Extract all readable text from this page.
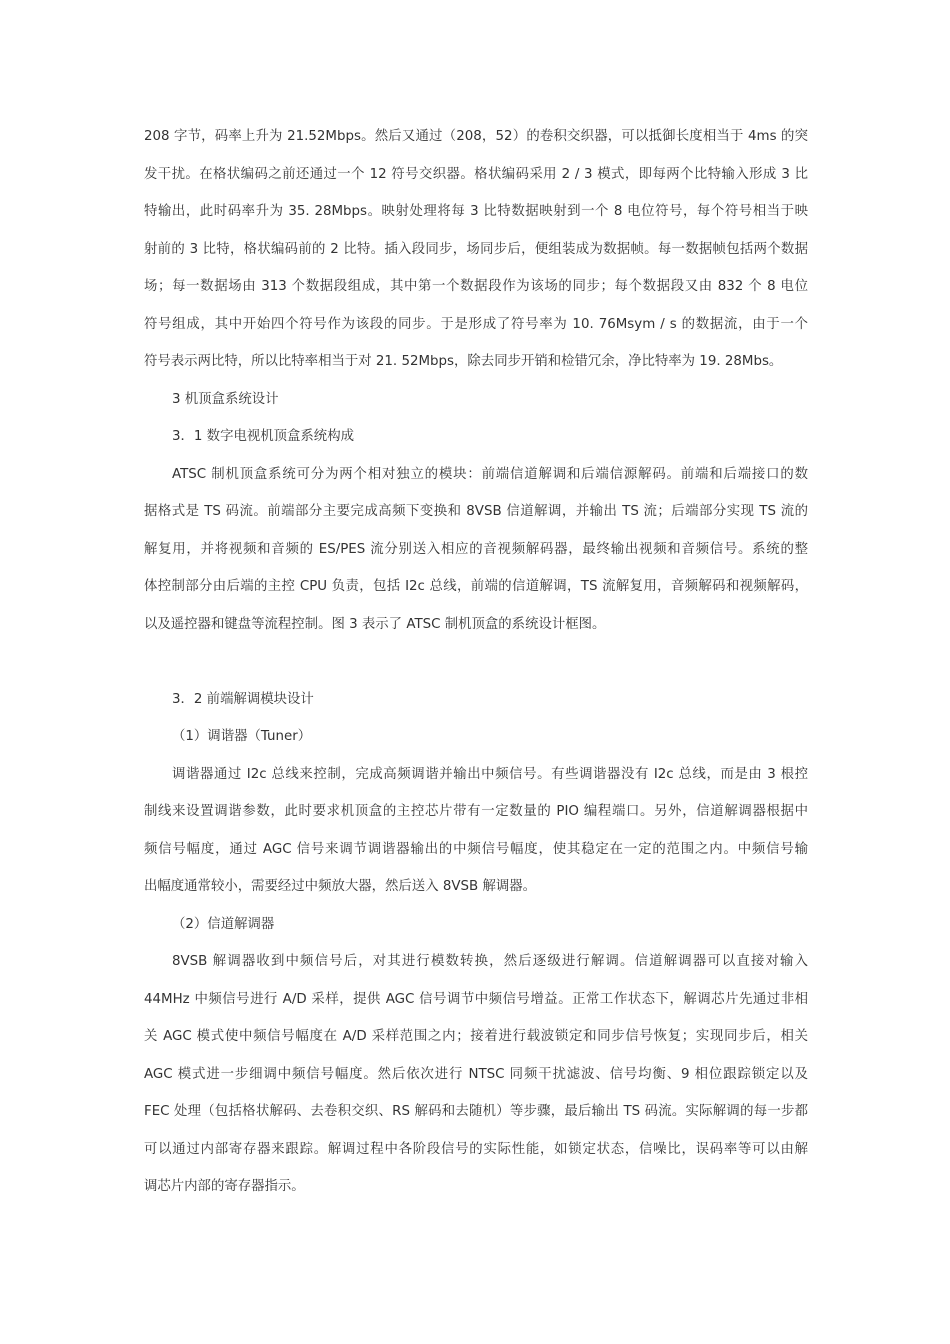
208 字节，码率上升为 21.52Mbps。然后又通过（208，52）的卷积交织器，可以抵御长度相当于 4ms 的突
发干扰。在格状编码之前还通过一个 12 符号交织器。格状编码采用 2 / 3 模式，即每两个比特输入形成 3 比
特输出，此时码率升为 35. 28Mbps。映射处理将每 3 比特数据映射到一个 8 电位符号，每个符号相当于映
射前的 3 比特，格状编码前的 2 比特。插入段同步，场同步后，便组装成为数据帧。每一数据帧包括两个数据
场；每一数据场由 313 个数据段组成，其中第一个数据段作为该场的同步；每个数据段又由 832 个 8 电位
符号组成，其中开始四个符号作为该段的同步。于是形成了符号率为 10. 76Msym / s 的数据流，由于一个
符号表示两比特，所以比特率相当于对 21. 52Mbps，除去同步开销和检错冗余，净比特率为 19. 28Mbs。
3 机顶盒系统设计
3．1 数字电视机顶盒系统构成
ATSC 制机顶盒系统可分为两个相对独立的模块：前端信道解调和后端信源解码。前端和后端接口的数
据格式是 TS 码流。前端部分主要完成高频下变换和 8VSB 信道解调，并输出 TS 流；后端部分实现 TS 流的
解复用，并将视频和音频的 ES/PES 流分别送入相应的音视频解码器，最终输出视频和音频信号。系统的整
体控制部分由后端的主控 CPU 负责，包括 I2c 总线，前端的信道解调，TS 流解复用，音频解码和视频解码，
以及遥控器和键盘等流程控制。图 3 表示了 ATSC 制机顶盒的系统设计框图。
3．2 前端解调模块设计
（1）调谐器（Tuner）
调谐器通过 I2c 总线来控制，完成高频调谐并输出中频信号。有些调谐器没有 I2c 总线，而是由 3 根控
制线来设置调谐参数，此时要求机顶盒的主控芯片带有一定数量的 PIO 编程端口。另外，信道解调器根据中
频信号幅度，通过 AGC 信号来调节调谐器输出的中频信号幅度，使其稳定在一定的范围之内。中频信号输
出幅度通常较小，需要经过中频放大器，然后送入 8VSB 解调器。
（2）信道解调器
8VSB 解调器收到中频信号后，对其进行模数转换，然后逐级进行解调。信道解调器可以直接对输入
44MHz 中频信号进行 A/D 采样，提供 AGC 信号调节中频信号增益。正常工作状态下，解调芯片先通过非相
关 AGC 模式使中频信号幅度在 A/D 采样范围之内；接着进行载波锁定和同步信号恢复；实现同步后，相关
AGC 模式进一步细调中频信号幅度。然后依次进行 NTSC 同频干扰滤波、信号均衡、9 相位跟踪锁定以及
FEC 处理（包括格状解码、去卷积交织、RS 解码和去随机）等步骤，最后输出 TS 码流。实际解调的每一步都
可以通过内部寄存器来跟踪。解调过程中各阶段信号的实际性能，如锁定状态，信噪比，误码率等可以由解
调芯片内部的寄存器指示。
